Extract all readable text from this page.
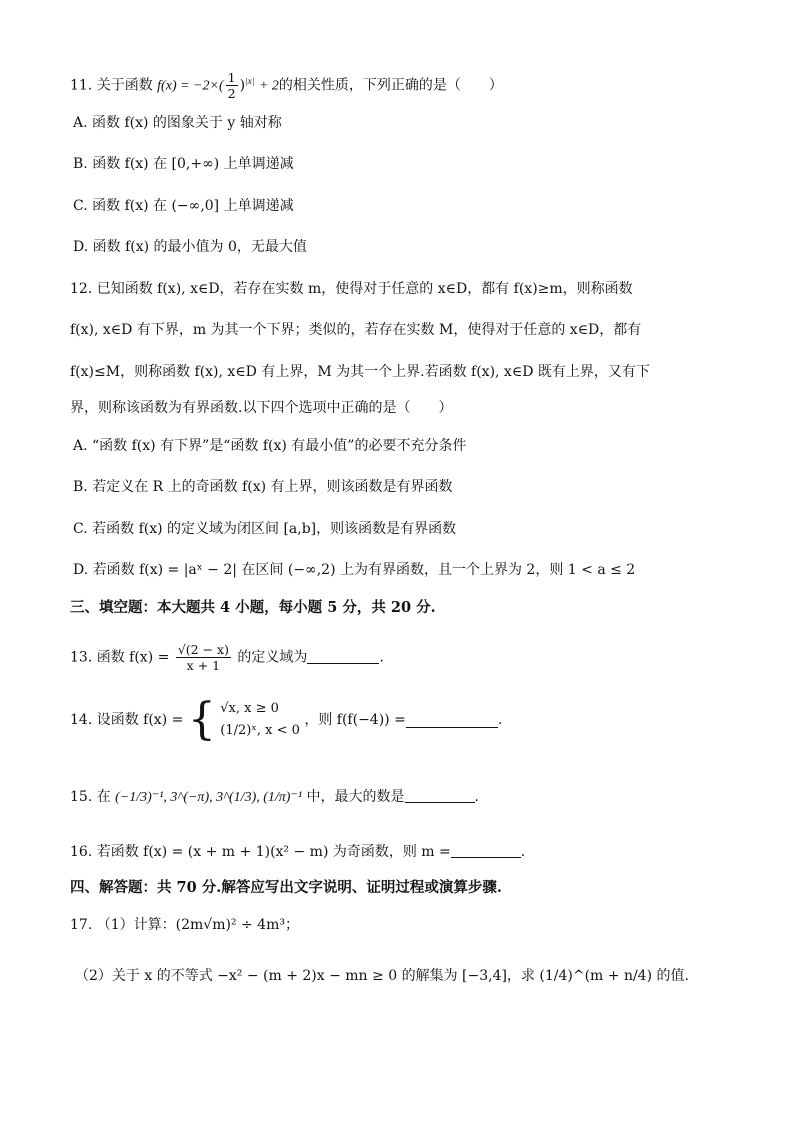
11. 关于函数 $f(x) = -2\times( \frac{1}{2} )^{|x|} + 2$的相关性质，下列正确的是（　　）
A. 函数 f(x) 的图象关于 y 轴对称
B. 函数 f(x) 在 [0,+∞) 上单调递减
C. 函数 f(x) 在 (−∞,0] 上单调递减
D. 函数 f(x) 的最小值为 0，无最大值
12. 已知函数 f(x), x∈D，若存在实数 m，使得对于任意的 x∈D，都有 f(x)≥m，则称函数
f(x), x∈D 有下界，m 为其一个下界；类似的，若存在实数 M，使得对于任意的 x∈D，都有
f(x)≤M，则称函数 f(x), x∈D 有上界，M 为其一个上界.若函数 f(x), x∈D 既有上界，又有下
界，则称该函数为有界函数.以下四个选项中正确的是（　　）
A. “函数 f(x) 有下界”是“函数 f(x) 有最小值”的必要不充分条件
B. 若定义在 R 上的奇函数 f(x) 有上界，则该函数是有界函数
C. 若函数 f(x) 的定义域为闭区间 [a,b]，则该函数是有界函数
D. 若函数 f(x) = |aˣ − 2| 在区间 (−∞,2) 上为有界函数，且一个上界为 2，则 1 < a ≤ 2
三、填空题：本大题共 4 小题，每小题 5 分，共 20 分.
13. 函数 $f(x) = \frac{√(2 - x)}{x + 1}$ 的定义域为	.
14. 设函数 f(x) = { √x, x ≥ 0
(1/2)ˣ, x < 0
，则 f(f(−4)) =	.
15. 在 (−1/3)⁻¹, 3^(−π), 3^(1/3), (1/π)⁻¹ 中，最大的数是	.
16. 若函数 f(x) = (x + m + 1)(x² − m) 为奇函数，则 m =	.
四、解答题：共 70 分.解答应写出文字说明、证明过程或演算步骤.
17. （1）计算：(2m√m)² ÷ 4m³；
（2）关于 x 的不等式 −x² − (m + 2)x − mn ≥ 0 的解集为 [−3,4]，求 (1/4)^(m + n/4) 的值.
